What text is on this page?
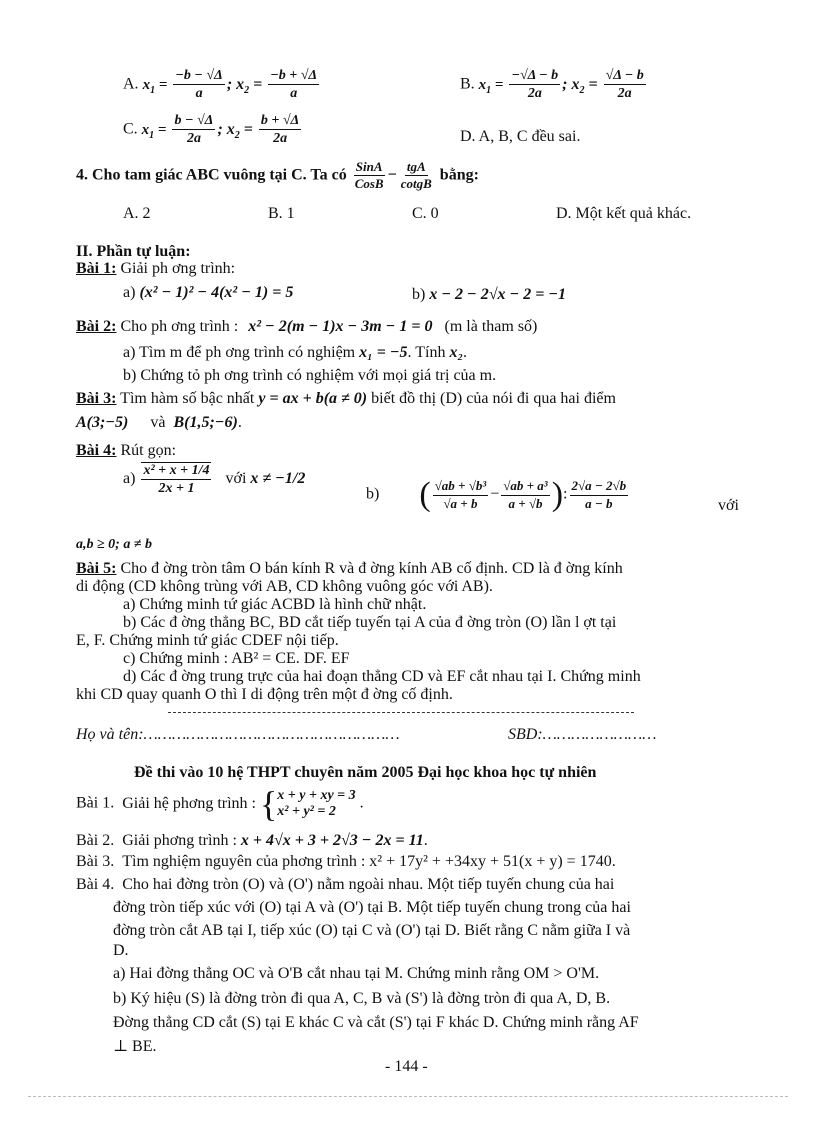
A. $x_1 = \frac{-b - √\Delta}{a}$ ; $x_2 = \frac{-b + √\Delta}{a}$	B. $x_1 = \frac{-√\Delta - b}{2a}$ ; $x_2 = \frac{√\Delta - b}{2a}$
C. $x_1 = \frac{b - √\Delta}{2a}$ ; $x_2 = \frac{b + √\Delta}{2a}$	D. A, B, C đều sai.
4. Cho tam giác ABC vuông tại C. Ta có $\frac{\text{SinA}}{\text{CosB}} - \frac{\text{tgA}}{\text{cotgB}}$ bằng:
A. 2	B. 1	C. 0	D. Một kết quả khác.
II. Phần tự luận:
Bài 1: Giải ph ơng trình:
a) (x² − 1)² − 4(x² − 1) = 5	b) x − 2 − 2√x − 2 = −1
Bài 2: Cho ph ơng trình : x² − 2(m − 1)x − 3m − 1 = 0 (m là tham số)
a) Tìm m để ph ơng trình có nghiệm x₁ = −5. Tính x₂.
b) Chứng tỏ ph ơng trình có nghiệm với mọi giá trị của m.
Bài 3: Tìm hàm số bậc nhất y = ax + b(a ≠ 0) biết đồ thị (D) của nói đi qua hai điểm
A(3;−5) và B(1,5;−6).
Bài 4: Rút gọn:
$a) \frac{\text{x² + x + 1/4}}{2x + 1}$ với x ≠ −1/2
b) ( $\frac{\text{√ab + √b³}}{√a + b} - \frac{\text{√ab + a³}}{a + √b}$ ): $\frac{2√a - 2√b}{a - b}$	với
a,b ≥ 0; a ≠ b
Bài 5: Cho đ ờng tròn tâm O bán kính R và đ ờng kính AB cố định. CD là đ ờng kính
di động (CD không trùng với AB, CD không vuông góc với AB).
a) Chứng minh tứ giác ACBD là hình chữ nhật.
b) Các đ ờng thẳng BC, BD cắt tiếp tuyến tại A của đ ờng tròn (O) lần l ợt tại
E, F. Chứng minh tứ giác CDEF nội tiếp.
c) Chứng minh : AB² = CE. DF. EF
d) Các đ ờng trung trực của hai đoạn thẳng CD và EF cắt nhau tại I. Chứng minh
khi CD quay quanh O thì I di động trên một đ ờng cố định.
Họ và tên:………………………………………………	SBD:……………………
Đề thi vào 10 hệ THPT chuyên năm 2005 Đại học khoa học tự nhiên
Bài 1. Giải hệ phơng trình : { x + y + xy = 3
x² + y² = 2	.
Bài 2. Giải phơng trình : x + 4√x + 3 + 2√3 − 2x = 11.
Bài 3. Tìm nghiệm nguyên của phơng trình : x² + 17y² + +34xy + 51(x + y) = 1740.
Bài 4. Cho hai đờng tròn (O) và (O') nằm ngoài nhau. Một tiếp tuyến chung của hai
đờng tròn tiếp xúc với (O) tại A và (O') tại B. Một tiếp tuyến chung trong của hai
đờng tròn cắt AB tại I, tiếp xúc (O) tại C và (O') tại D. Biết rằng C nằm giữa I và
D.
a) Hai đờng thẳng OC và O'B cắt nhau tại M. Chứng minh rằng OM > O'M.
b) Ký hiệu (S) là đờng tròn đi qua A, C, B và (S') là đờng tròn đi qua A, D, B.
Đờng thẳng CD cắt (S) tại E khác C và cắt (S') tại F khác D. Chứng minh rằng AF
⊥ BE.
- 144 -
